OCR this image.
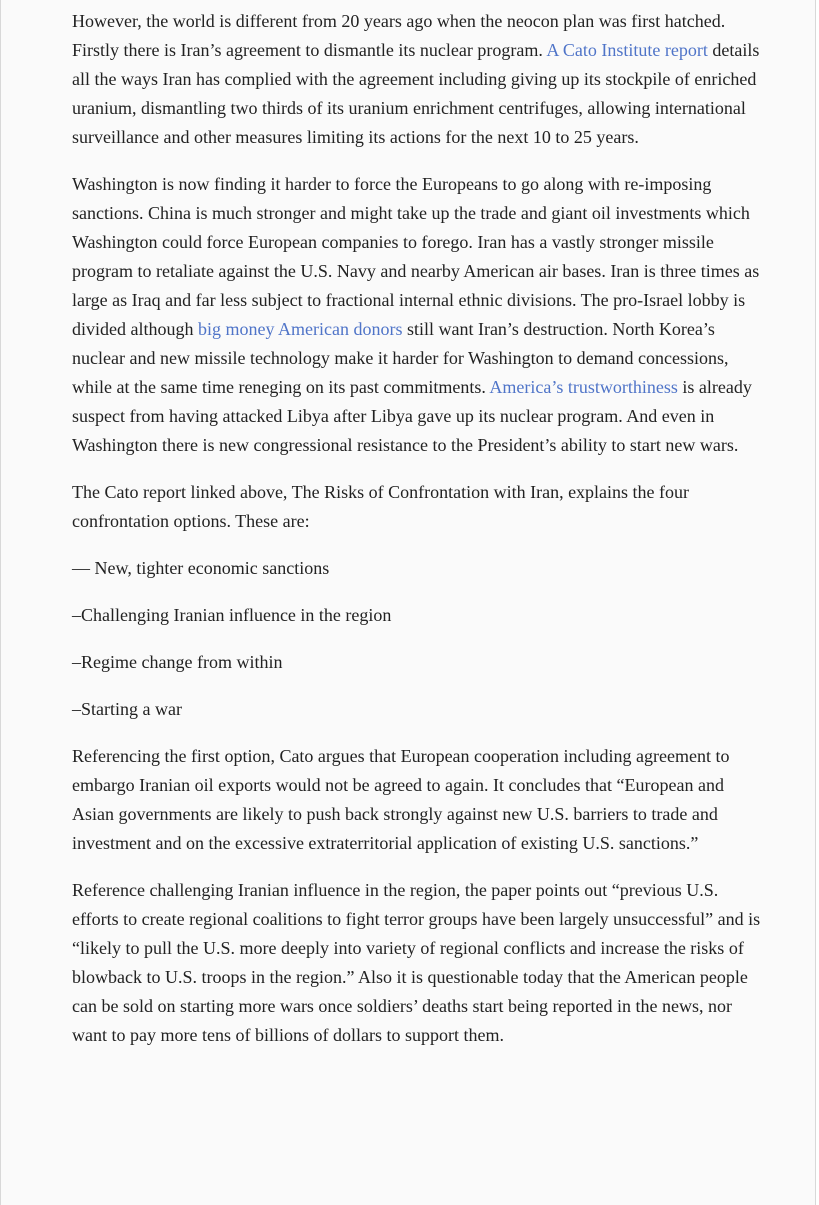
However, the world is different from 20 years ago when the neocon plan was first hatched. Firstly there is Iran’s agreement to dismantle its nuclear program. A Cato Institute report details all the ways Iran has complied with the agreement including giving up its stockpile of enriched uranium, dismantling two thirds of its uranium enrichment centrifuges, allowing international surveillance and other measures limiting its actions for the next 10 to 25 years.

Washington is now finding it harder to force the Europeans to go along with re-imposing sanctions. China is much stronger and might take up the trade and giant oil investments which Washington could force European companies to forego. Iran has a vastly stronger missile program to retaliate against the U.S. Navy and nearby American air bases. Iran is three times as large as Iraq and far less subject to fractional internal ethnic divisions. The pro-Israel lobby is divided although big money American donors still want Iran’s destruction. North Korea’s nuclear and new missile technology make it harder for Washington to demand concessions, while at the same time reneging on its past commitments. America’s trustworthiness is already suspect from having attacked Libya after Libya gave up its nuclear program. And even in Washington there is new congressional resistance to the President’s ability to start new wars.

The Cato report linked above, The Risks of Confrontation with Iran, explains the four confrontation options. These are:

— New, tighter economic sanctions

–Challenging Iranian influence in the region

–Regime change from within

–Starting a war

Referencing the first option, Cato argues that European cooperation including agreement to embargo Iranian oil exports would not be agreed to again. It concludes that “European and Asian governments are likely to push back strongly against new U.S. barriers to trade and investment and on the excessive extraterritorial application of existing U.S. sanctions.”

Reference challenging Iranian influence in the region, the paper points out “previous U.S. efforts to create regional coalitions to fight terror groups have been largely unsuccessful” and is “likely to pull the U.S. more deeply into variety of regional conflicts and increase the risks of blowback to U.S. troops in the region.” Also it is questionable today that the American people can be sold on starting more wars once soldiers’ deaths start being reported in the news, nor want to pay more tens of billions of dollars to support them.
